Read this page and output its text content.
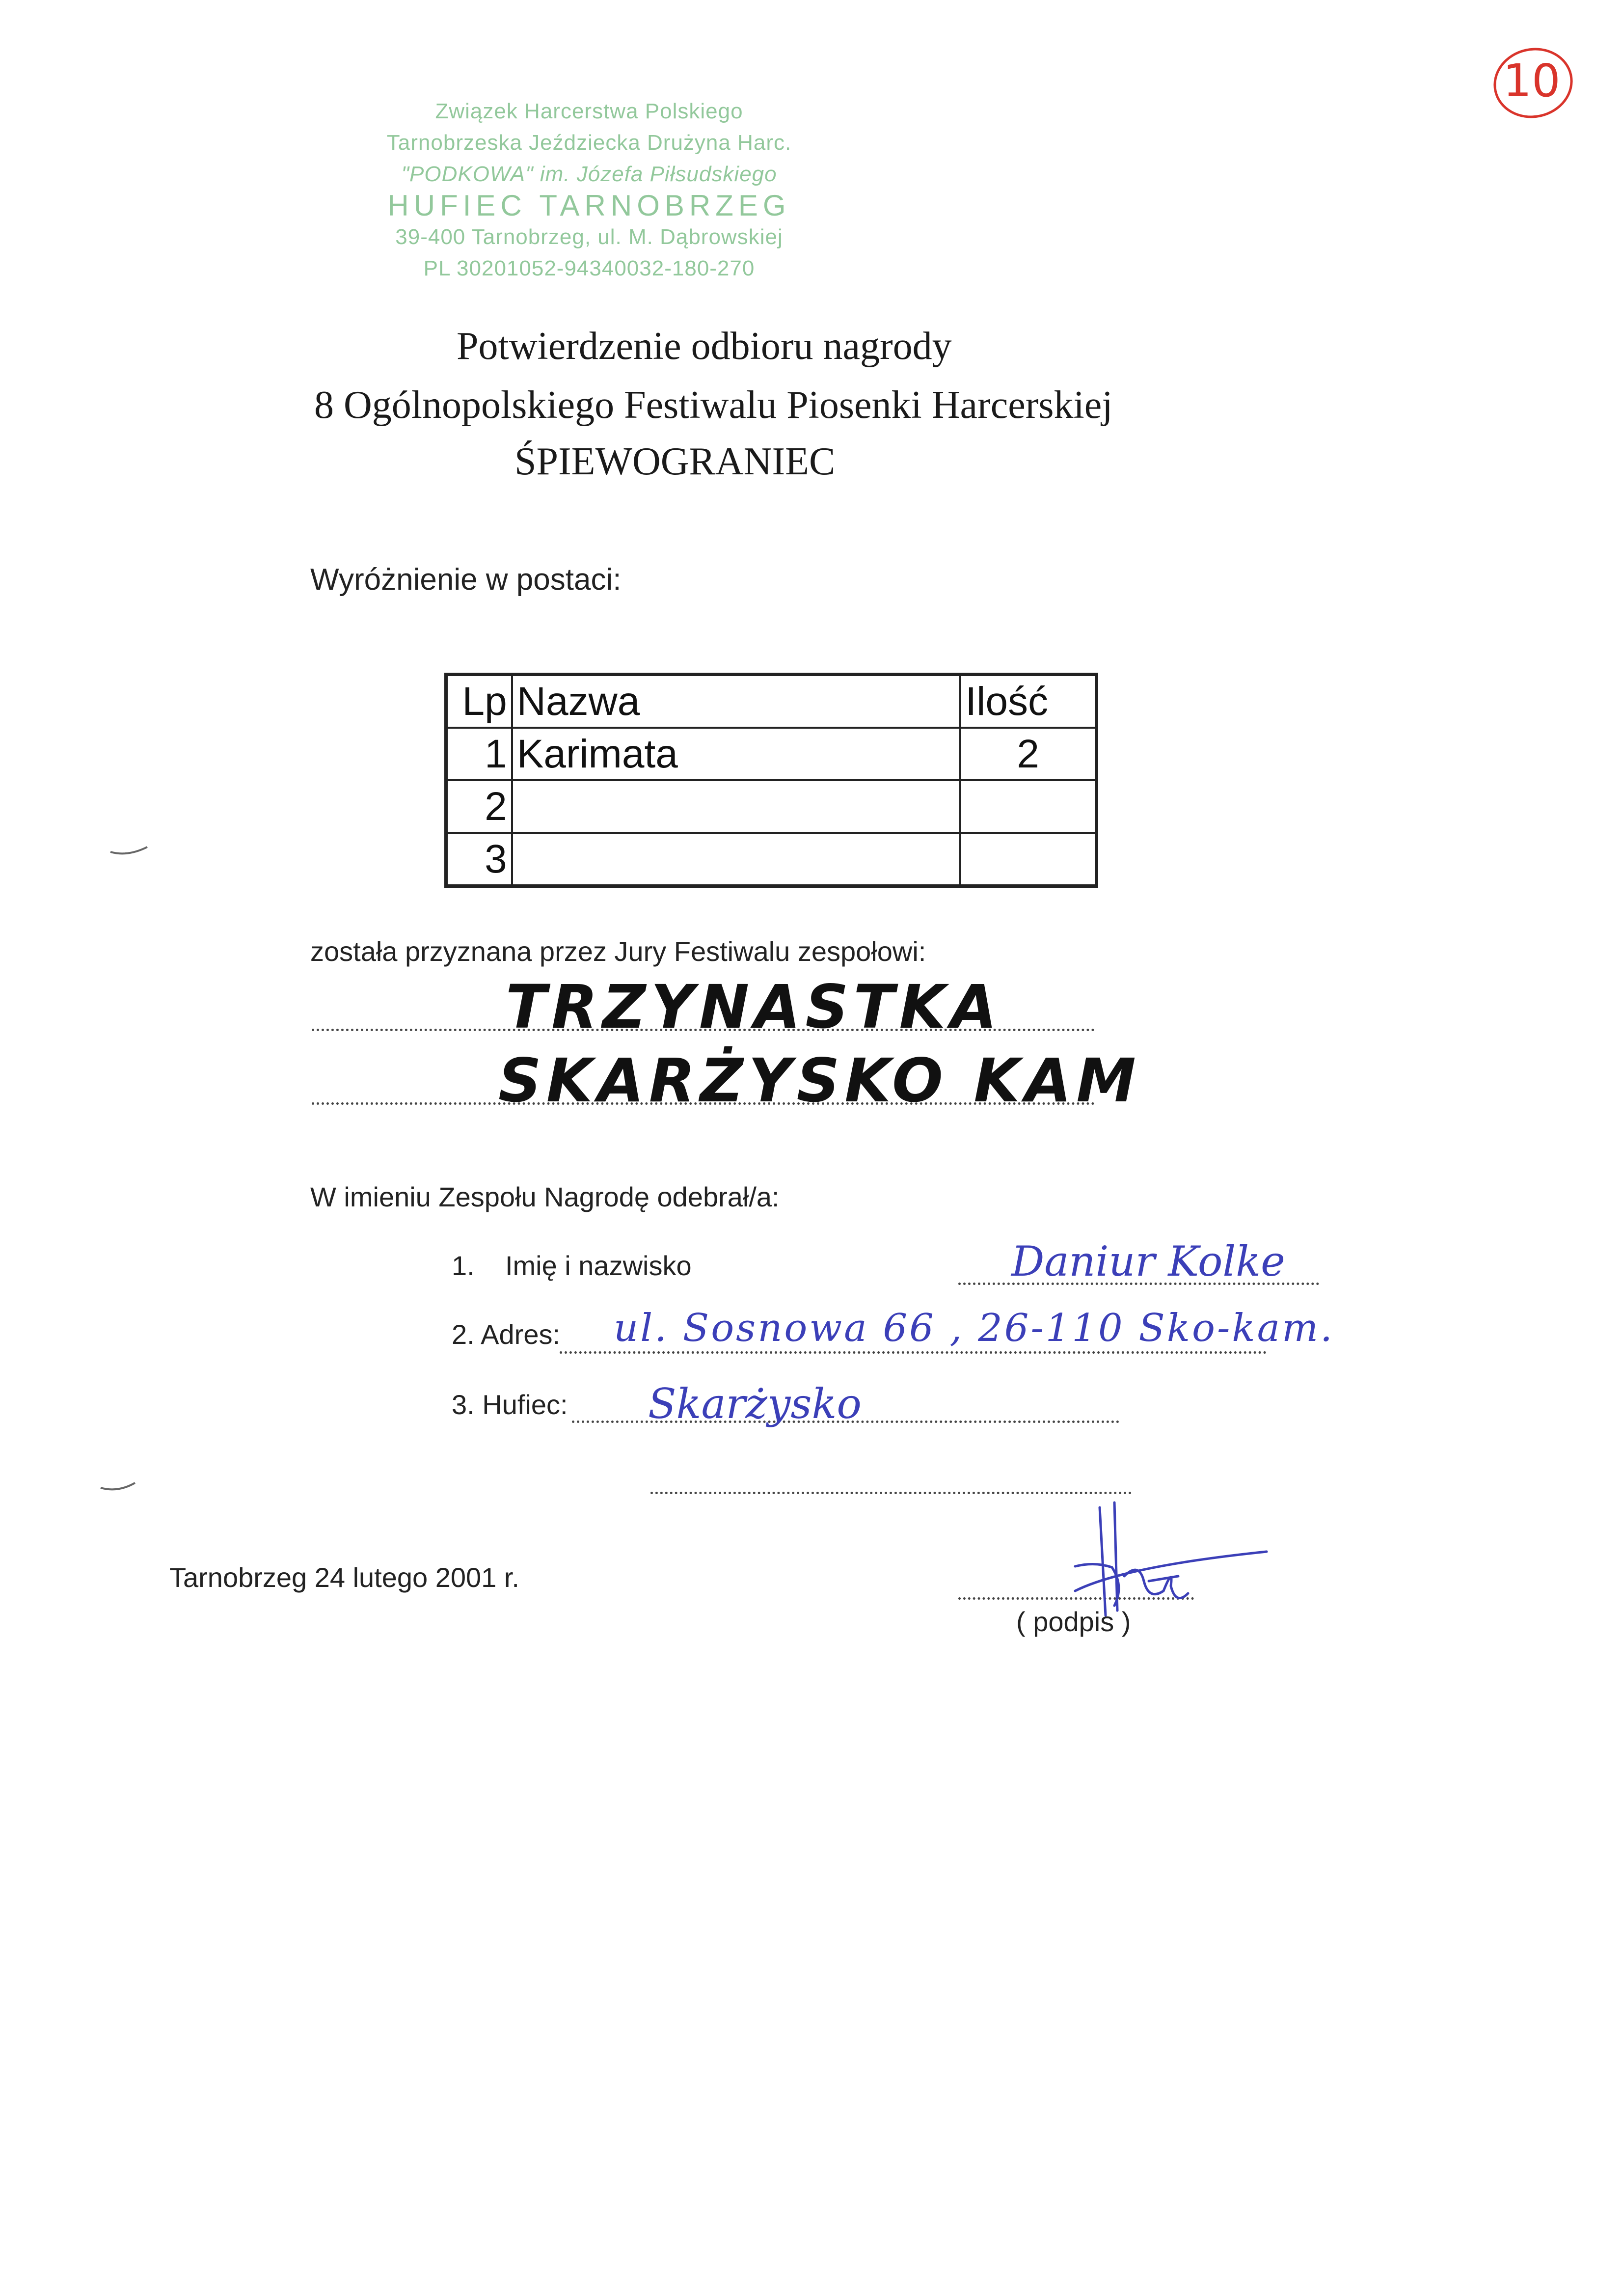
Związek Harcerstwa Polskiego
Tarnobrzeska Jeździecka Drużyna Harc.
"PODKOWA" im. Józefa Piłsudskiego
HUFIEC TARNOBRZEG
39-400 Tarnobrzeg, ul. M. Dąbrowskiej
PL 30201052-94340032-180-270
10
Potwierdzenie odbioru nagrody
8 Ogólnopolskiego Festiwalu Piosenki Harcerskiej
ŚPIEWOGRANIEC
Wyróżnienie w postaci:
Lp	Nazwa	Ilość
1	Karimata	2
2		
3		
została przyznana przez Jury Festiwalu zespołowi:
TRZYNASTKA
SKARŻYSKO KAM
W imieniu Zespołu Nagrodę odebrał/a:
1.    Imię i nazwisko	Daniur Kolke
2. Adres: ul. Sosnowa 66 , 26-110 Sko-kam.
3. Hufiec: Skarżysko
Tarnobrzeg 24 lutego 2001 r.
( podpis )
